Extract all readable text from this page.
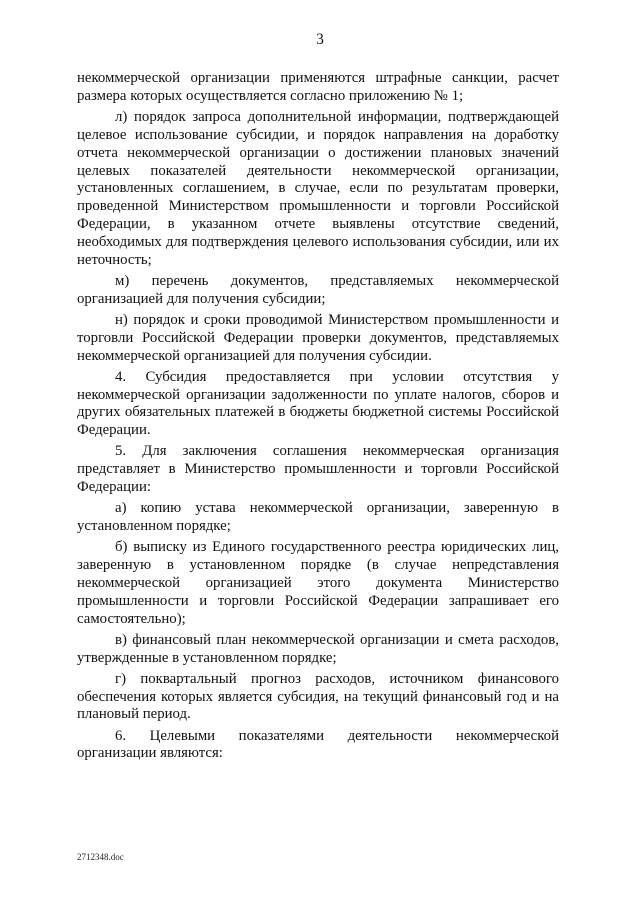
3

некоммерческой организации применяются штрафные санкции, расчет размера которых осуществляется согласно приложению № 1;

л) порядок запроса дополнительной информации, подтверждающей целевое использование субсидии, и порядок направления на доработку отчета некоммерческой организации о достижении плановых значений целевых показателей деятельности некоммерческой организации, установленных соглашением, в случае, если по результатам проверки, проведенной Министерством промышленности и торговли Российской Федерации, в указанном отчете выявлены отсутствие сведений, необходимых для подтверждения целевого использования субсидии, или их неточность;

м) перечень документов, представляемых некоммерческой организацией для получения субсидии;

н) порядок и сроки проводимой Министерством промышленности и торговли Российской Федерации проверки документов, представляемых некоммерческой организацией для получения субсидии.

4. Субсидия предоставляется при условии отсутствия у некоммерческой организации задолженности по уплате налогов, сборов и других обязательных платежей в бюджеты бюджетной системы Российской Федерации.

5. Для заключения соглашения некоммерческая организация представляет в Министерство промышленности и торговли Российской Федерации:

а) копию устава некоммерческой организации, заверенную в установленном порядке;

б) выписку из Единого государственного реестра юридических лиц, заверенную в установленном порядке (в случае непредставления некоммерческой организацией этого документа Министерство промышленности и торговли Российской Федерации запрашивает его самостоятельно);

в) финансовый план некоммерческой организации и смета расходов, утвержденные в установленном порядке;

г) поквартальный прогноз расходов, источником финансового обеспечения которых является субсидия, на текущий финансовый год и на плановый период.

6. Целевыми показателями деятельности некоммерческой организации являются:

2712348.doc
